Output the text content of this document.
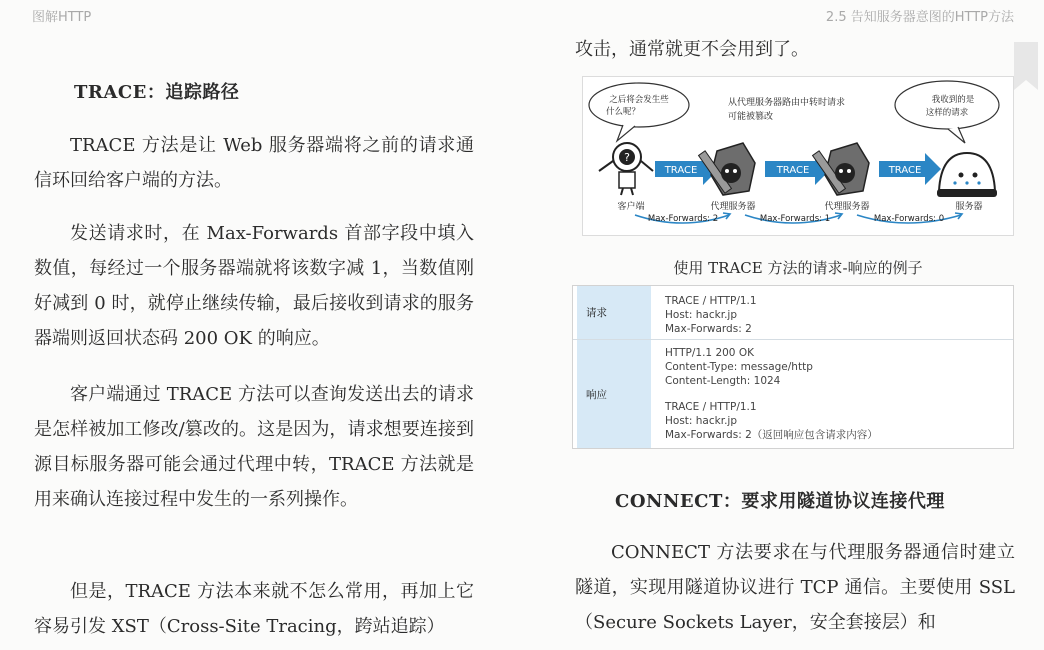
图解HTTP	2.5 告知服务器意图的HTTP方法
TRACE：追踪路径

TRACE 方法是让 Web 服务器端将之前的请求通信环回给客户端的方法。

发送请求时，在 Max-Forwards 首部字段中填入数值，每经过一个服务器端就将该数字减 1，当数值刚好减到 0 时，就停止继续传输，最后接收到请求的服务器端则返回状态码 200 OK 的响应。

客户端通过 TRACE 方法可以查询发送出去的请求是怎样被加工修改/篡改的。这是因为，请求想要连接到源目标服务器可能会通过代理中转，TRACE 方法就是用来确认连接过程中发生的一系列操作。

但是，TRACE 方法本来就不怎么常用，再加上它容易引发 XST（Cross-Site Tracing，跨站追踪）

攻击，通常就更不会用到了。

之后将会发生些
什么呢？
从代理服务器路由中转时请求
可能被篡改
我收到的是
这样的请求
?
TRACE	TRACE	TRACE
客户端	代理服务器	代理服务器	服务器
Max-Forwards: 2	Max-Forwards: 1	Max-Forwards: 0
使用 TRACE 方法的请求-响应的例子
请求
TRACE / HTTP/1.1
Host: hackr.jp
Max-Forwards: 2
响应
HTTP/1.1 200 OK
Content-Type: message/http
Content-Length: 1024
TRACE / HTTP/1.1
Host: hackr.jp
Max-Forwards: 2（返回响应包含请求内容）
CONNECT：要求用隧道协议连接代理

CONNECT 方法要求在与代理服务器通信时建立隧道，实现用隧道协议进行 TCP 通信。主要使用 SSL（Secure Sockets Layer，安全套接层）和
